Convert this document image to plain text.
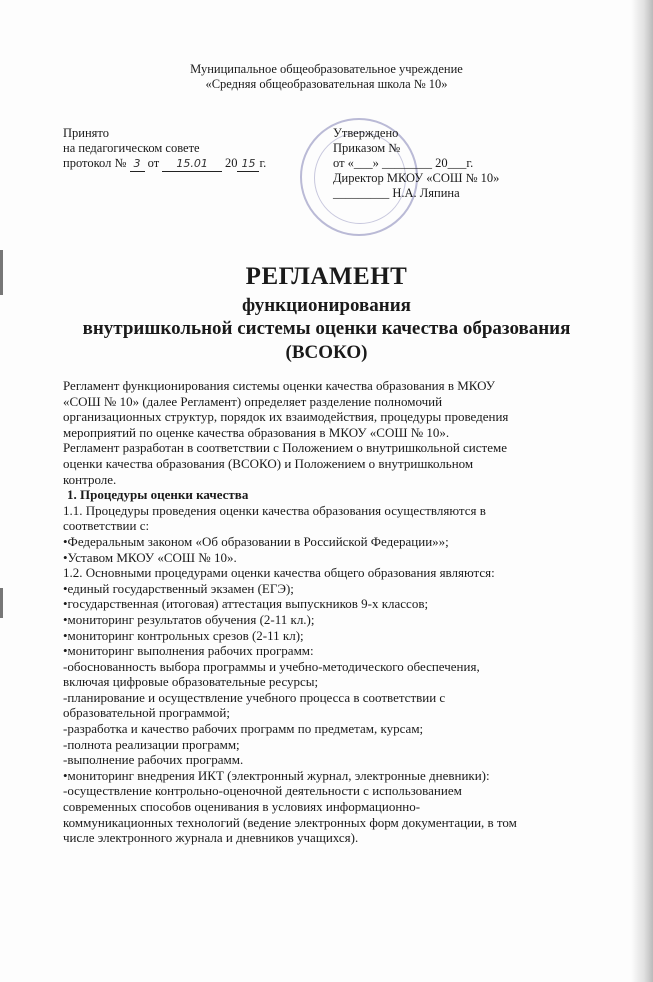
Муниципальное общеобразовательное учреждение
«Средняя общеобразовательная школа № 10»
Принято
на педагогическом совете
протокол № 3 от 15.01 20 15 г.
Утверждено
Приказом №
от «___» ________ 20___г.
Директор МКОУ «СОШ № 10»
_________ Н.А. Ляпина
РЕГЛАМЕНТ
функционирования
внутришкольной системы оценки качества образования
(ВСОКО)

Регламент функционирования системы оценки качества образования в МКОУ

«СОШ № 10» (далее Регламент) определяет разделение полномочий

организационных структур, порядок их взаимодействия, процедуры проведения

мероприятий по оценке качества образования в МКОУ «СОШ № 10».

Регламент разработан в соответствии с Положением о внутришкольной системе

оценки качества образования (ВСОКО) и Положением о внутришкольном

контроле.

1. Процедуры оценки качества

1.1. Процедуры проведения оценки качества образования осуществляются в

соответствии с:

•Федеральным законом «Об образовании в Российской Федерации»»;

•Уставом МКОУ «СОШ № 10».

1.2. Основными процедурами оценки качества общего образования являются:

•единый государственный экзамен (ЕГЭ);

•государственная (итоговая) аттестация выпускников 9-х классов;

•мониторинг результатов обучения (2-11 кл.);

•мониторинг контрольных срезов (2-11 кл);

•мониторинг выполнения рабочих программ:

-обоснованность выбора программы и учебно-методического обеспечения,

включая цифровые образовательные ресурсы;

-планирование и осуществление учебного процесса в соответствии с

образовательной программой;

-разработка и качество рабочих программ по предметам, курсам;

-полнота реализации программ;

-выполнение рабочих программ.

•мониторинг внедрения ИКТ (электронный журнал, электронные дневники):

-осуществление контрольно-оценочной деятельности с использованием

современных способов оценивания в условиях информационно-

коммуникационных технологий (ведение электронных форм документации, в том

числе электронного журнала и дневников учащихся).
